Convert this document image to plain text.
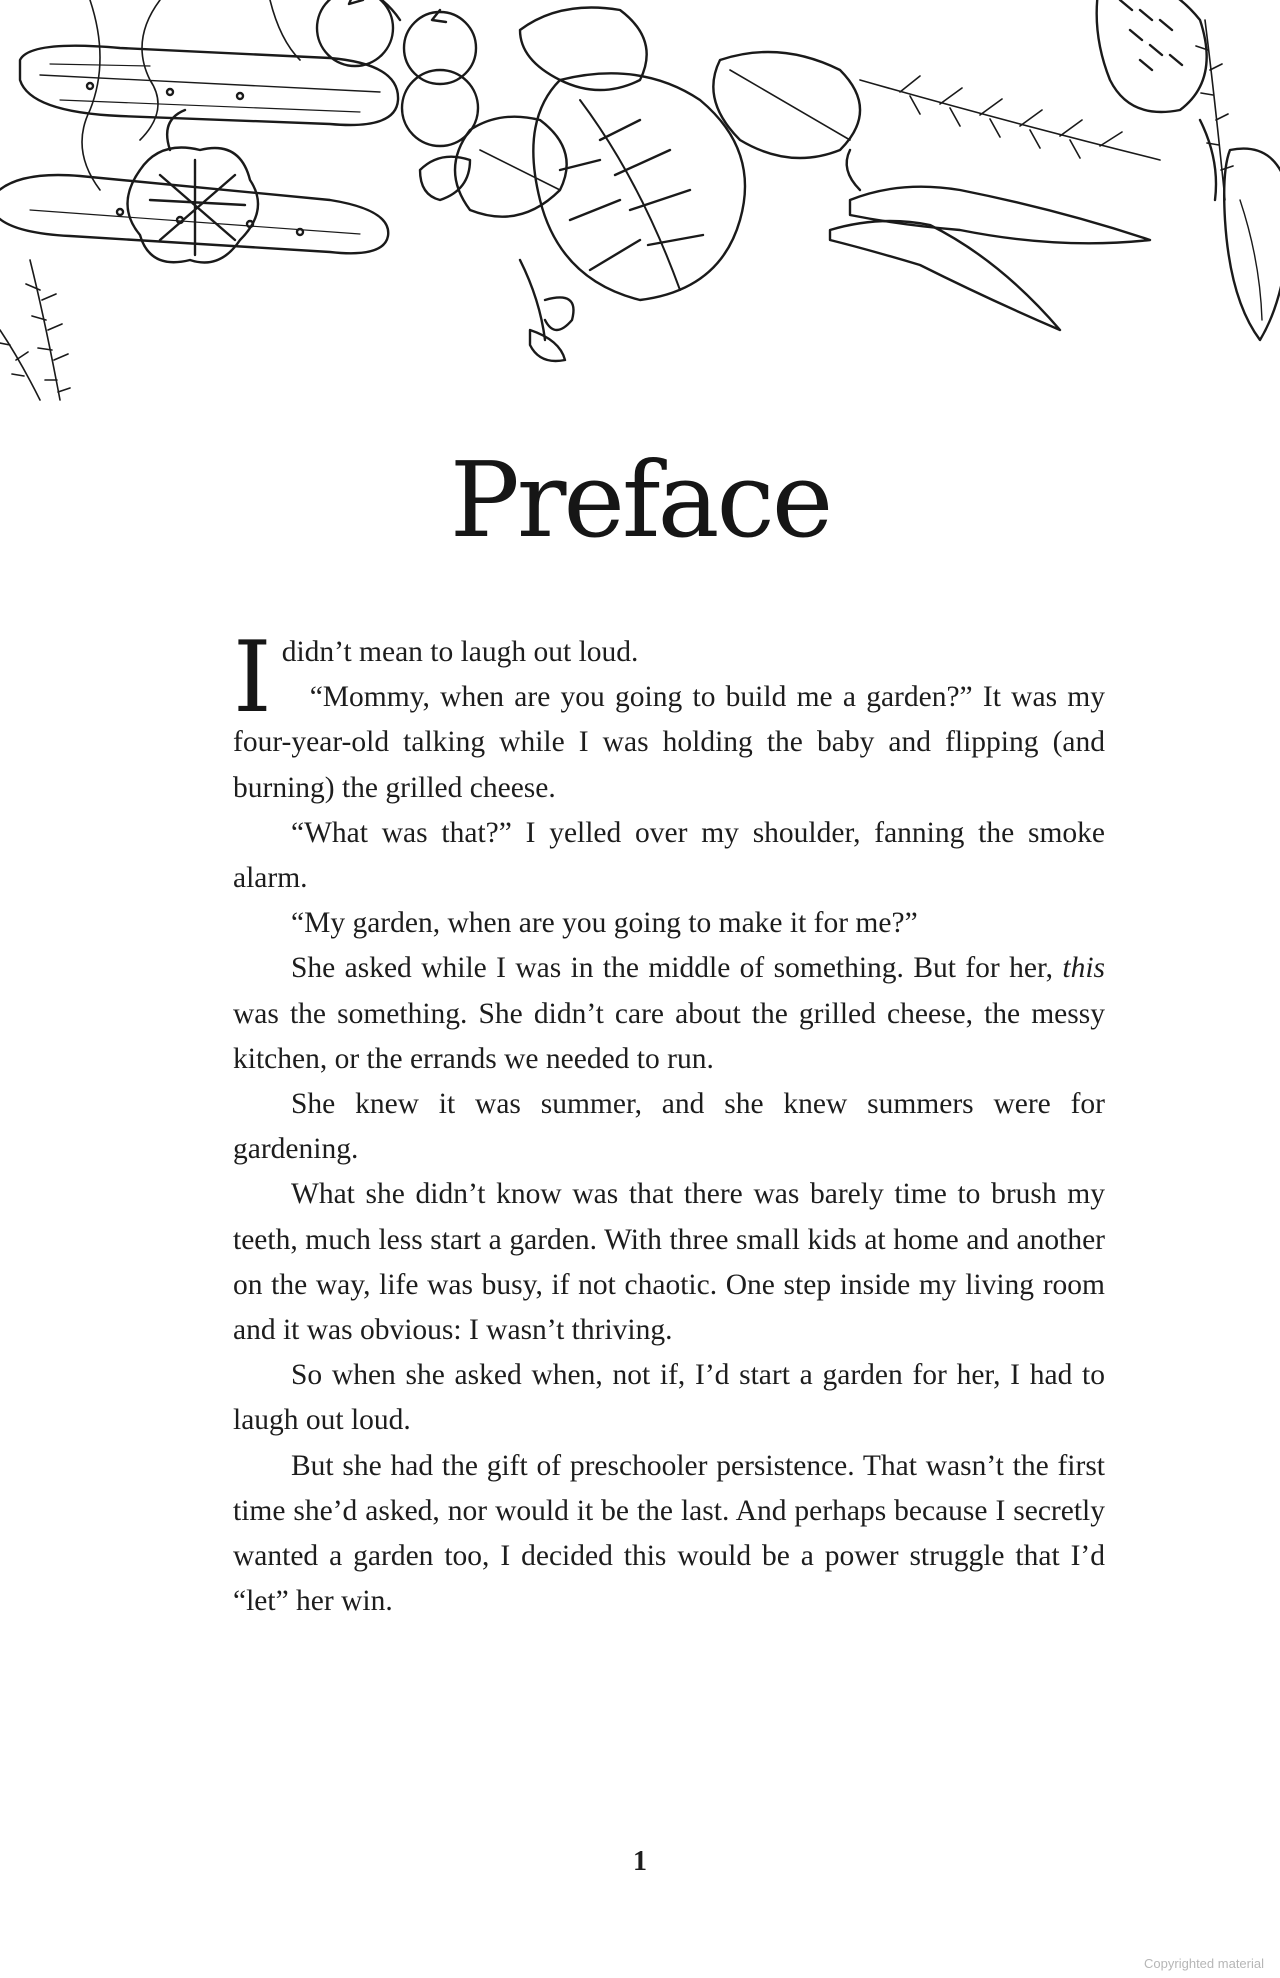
Preface

Ididn’t mean to laugh out loud.

“Mommy, when are you going to build me a garden?” It was my four-year-old talking while I was holding the baby and flipping (and burning) the grilled cheese.

“What was that?” I yelled over my shoulder, fanning the smoke alarm.

“My garden, when are you going to make it for me?”

She asked while I was in the middle of something. But for her, this was the something. She didn’t care about the grilled cheese, the messy kitchen, or the errands we needed to run.

She knew it was summer, and she knew summers were for gardening.

What she didn’t know was that there was barely time to brush my teeth, much less start a garden. With three small kids at home and another on the way, life was busy, if not chaotic. One step inside my living room and it was obvious: I wasn’t thriving.

So when she asked when, not if, I’d start a garden for her, I had to laugh out loud.

But she had the gift of preschooler persistence. That wasn’t the first time she’d asked, nor would it be the last. And perhaps because I secretly wanted a garden too, I decided this would be a power struggle that I’d “let” her win.

1
Copyrighted material
